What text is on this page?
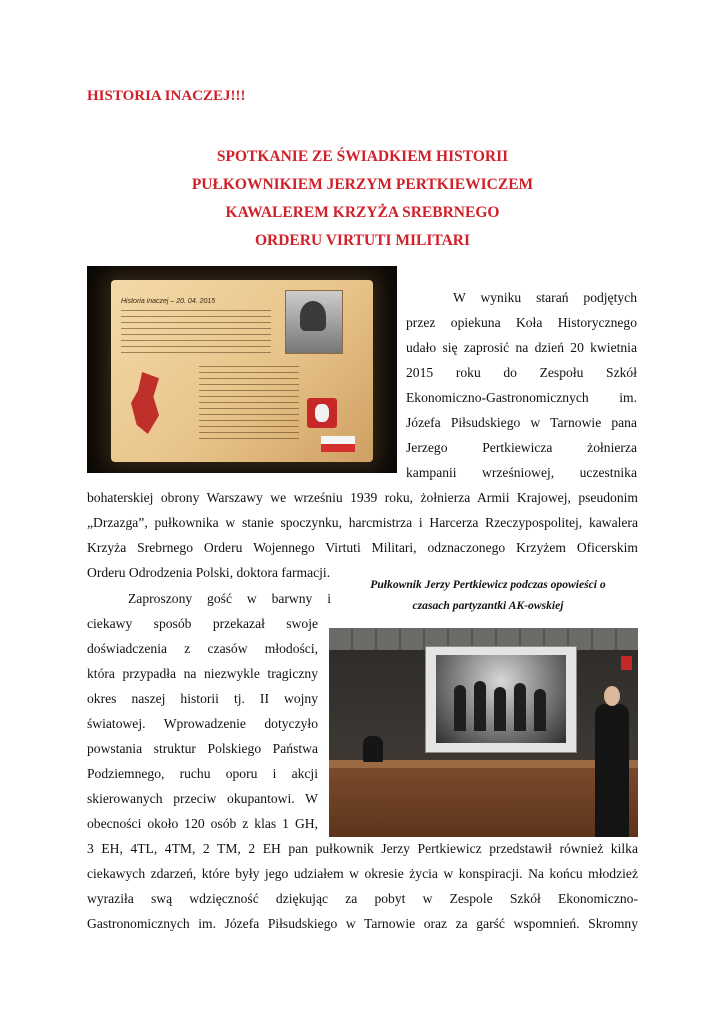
HISTORIA INACZEJ!!!
SPOTKANIE ZE ŚWIADKIEM HISTORII
PUŁKOWNIKIEM JERZYM PERTKIEWICZEM
KAWALEREM KRZYŻA SREBRNEGO
ORDERU VIRTUTI MILITARI
Historia inaczej – 20. 04. 2015	W wyniku starań podjętych
przez opiekuna Koła Historycznego
udało się zaprosić na dzień 20 kwietnia
2015 roku do Zespołu Szkół
Ekonomiczno-Gastronomicznych im.
Józefa Piłsudskiego w Tarnowie pana
Jerzego Pertkiewicza żołnierza
kampanii wrześniowej, uczestnika
bohaterskiej obrony Warszawy we wrześniu 1939 roku, żołnierza Armii Krajowej, pseudonim
„Drzazga”, pułkownika w stanie spoczynku, harcmistrza i Harcerza Rzeczypospolitej, kawalera
Krzyża Srebrnego Orderu Wojennego Virtuti Militari, odznaczonego Krzyżem Oficerskim
Orderu Odrodzenia Polski, doktora farmacji.
Pułkownik Jerzy Pertkiewicz podczas opowieści o
czasach partyzantki AK-owskiej
Zaproszony gość w barwny i
ciekawy sposób przekazał swoje
doświadczenia z czasów młodości,
która przypadła na niezwykle tragiczny
okres naszej historii tj. II wojny
światowej. Wprowadzenie dotyczyło
powstania struktur Polskiego Państwa
Podziemnego, ruchu oporu i akcji
skierowanych przeciw okupantowi. W
obecności około 120 osób z klas 1 GH,
3 EH, 4TL, 4TM, 2 TM, 2 EH pan pułkownik Jerzy Pertkiewicz przedstawił również kilka
ciekawych zdarzeń, które były jego udziałem w okresie życia w konspiracji. Na końcu młodzież
wyraziła swą wdzięczność dziękując za pobyt w Zespole Szkół Ekonomiczno-
Gastronomicznych im. Józefa Piłsudskiego w Tarnowie oraz za garść wspomnień. Skromny
